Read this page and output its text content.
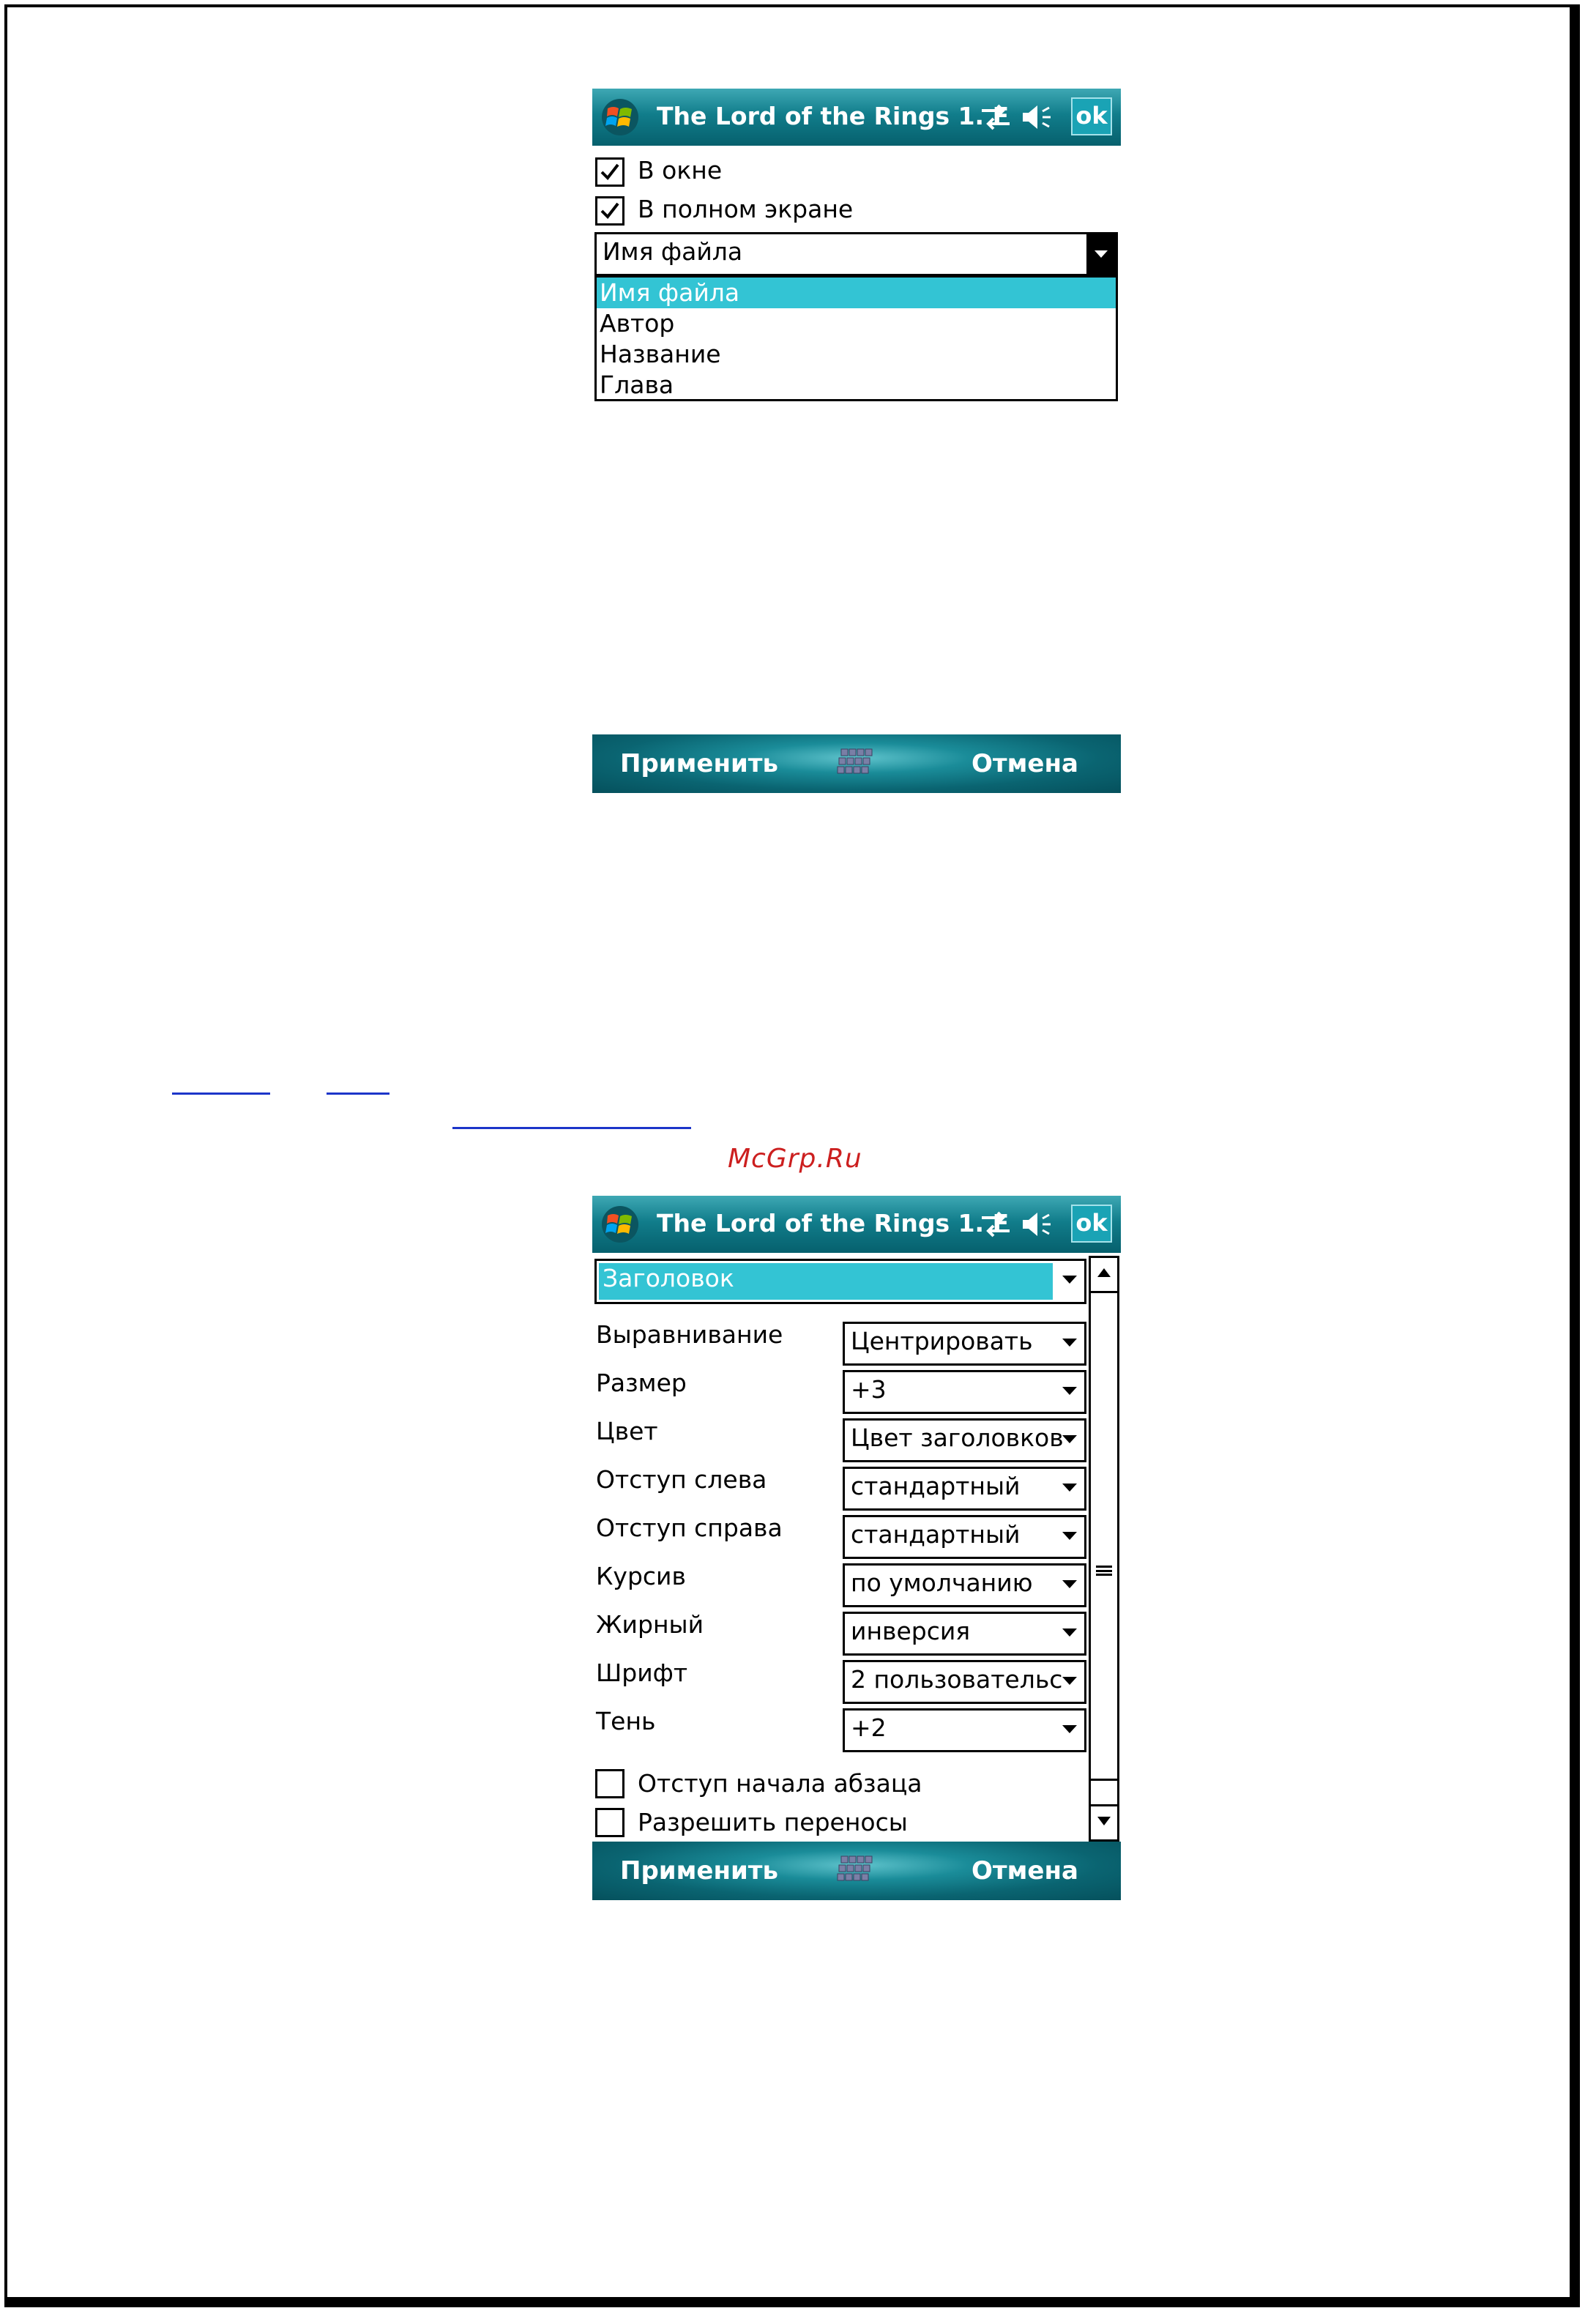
The Lord of the Rings 1. F	ok
В окне
В полном экране
Имя файла
Имя файла
Автор
Название
Глава
Применить	Отмена
McGrp.Ru
The Lord of the Rings 1. F	ok
Заголовок
Выравнивание	Центрировать
Размер	+3
Цвет	Цвет заголовков
Отступ слева	стандартный
Отступ справа	стандартный
Курсив	по умолчанию
Жирный	инверсия
Шрифт	2 пользовательс
Тень	+2
Отступ начала абзаца
Разрешить переносы
Применить	Отмена
